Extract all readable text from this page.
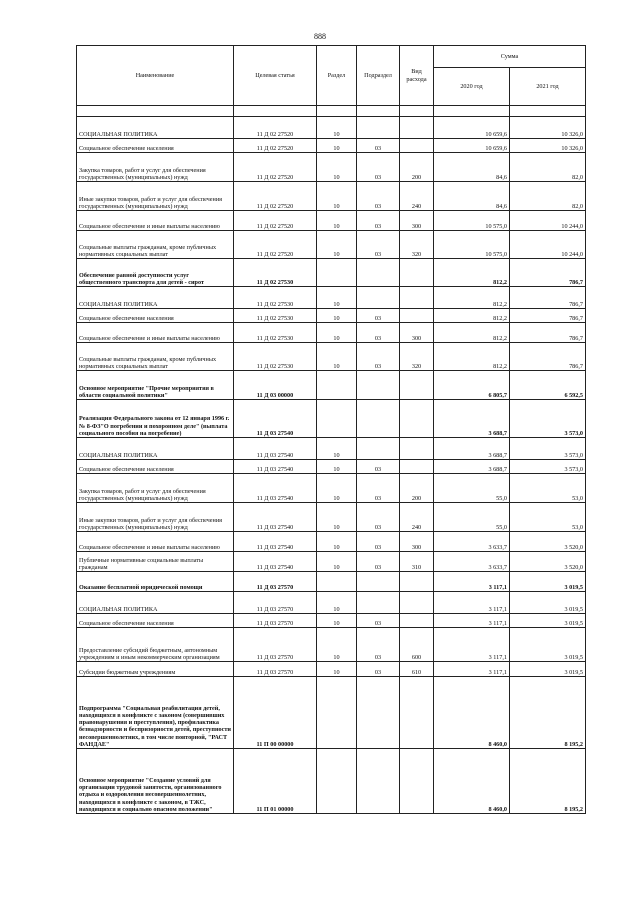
888
Наименование	Целевая статья	Раздел	Подраздел	Вид расхода	Сумма	
					2020 год	2021 год

СОЦИАЛЬНАЯ ПОЛИТИКА	11 Д 02 27520	10			10 659,6	10 326,0
Социальное обеспечение населения	11 Д 02 27520	10	03		10 659,6	10 326,0
Закупка товаров, работ и услуг для обеспечения государственных (муниципальных) нужд	11 Д 02 27520	10	03	200	84,6	82,0
Иные закупки товаров, работ и услуг для обеспечения государственных (муниципальных) нужд	11 Д 02 27520	10	03	240	84,6	82,0
Социальное обеспечение и иные выплаты населению	11 Д 02 27520	10	03	300	10 575,0	10 244,0
Социальные выплаты гражданам, кроме публичных нормативных социальных выплат	11 Д 02 27520	10	03	320	10 575,0	10 244,0
Обеспечение равной доступности услуг общественного транспорта для детей - сирот	11 Д 02 27530				812,2	786,7
СОЦИАЛЬНАЯ ПОЛИТИКА	11 Д 02 27530	10			812,2	786,7
Социальное обеспечение населения	11 Д 02 27530	10	03		812,2	786,7
Социальное обеспечение и иные выплаты населению	11 Д 02 27530	10	03	300	812,2	786,7
Социальные выплаты гражданам, кроме публичных нормативных социальных выплат	11 Д 02 27530	10	03	320	812,2	786,7
Основное мероприятие "Прочие мероприятия в области социальной политики"	11 Д 03 00000				6 805,7	6 592,5
Реализация Федерального закона от 12 января 1996 г. № 8-ФЗ"О погребении и похоронном деле" (выплата социального пособия на погребение)	11 Д 03 27540				3 688,7	3 573,0
СОЦИАЛЬНАЯ ПОЛИТИКА	11 Д 03 27540	10			3 688,7	3 573,0
Социальное обеспечение населения	11 Д 03 27540	10	03		3 688,7	3 573,0
Закупка товаров, работ и услуг для обеспечения государственных (муниципальных) нужд	11 Д 03 27540	10	03	200	55,0	53,0
Иные закупки товаров, работ и услуг для обеспечения государственных (муниципальных) нужд	11 Д 03 27540	10	03	240	55,0	53,0
Социальное обеспечение и иные выплаты населению	11 Д 03 27540	10	03	300	3 633,7	3 520,0
Публичные нормативные социальные выплаты гражданам	11 Д 03 27540	10	03	310	3 633,7	3 520,0
Оказание бесплатной юридической помощи	11 Д 03 27570				3 117,1	3 019,5
СОЦИАЛЬНАЯ ПОЛИТИКА	11 Д 03 27570	10			3 117,1	3 019,5
Социальное обеспечение населения	11 Д 03 27570	10	03		3 117,1	3 019,5
Предоставление субсидий бюджетным, автономным учреждениям и иным некоммерческим организациям	11 Д 03 27570	10	03	600	3 117,1	3 019,5
Субсидии бюджетным учреждениям	11 Д 03 27570	10	03	610	3 117,1	3 019,5
Подпрограмма "Социальная реабилитация детей, находящихся в конфликте с законом (совершивших правонарушения и преступления), профилактика безнадзорности и беспризорности детей, преступности несовершеннолетних, в том числе повторной, "РАСТ ФАНДАЕ"	11 П 00 00000				8 460,0	8 195,2
Основное мероприятие "Создание условий для организации трудовой занятости, организованного отдыха и оздоровления несовершеннолетних, находящихся в конфликте с законом, в ТЖС, находящихся и социально опасном положении"	11 П 01 00000				8 460,0	8 195,2
